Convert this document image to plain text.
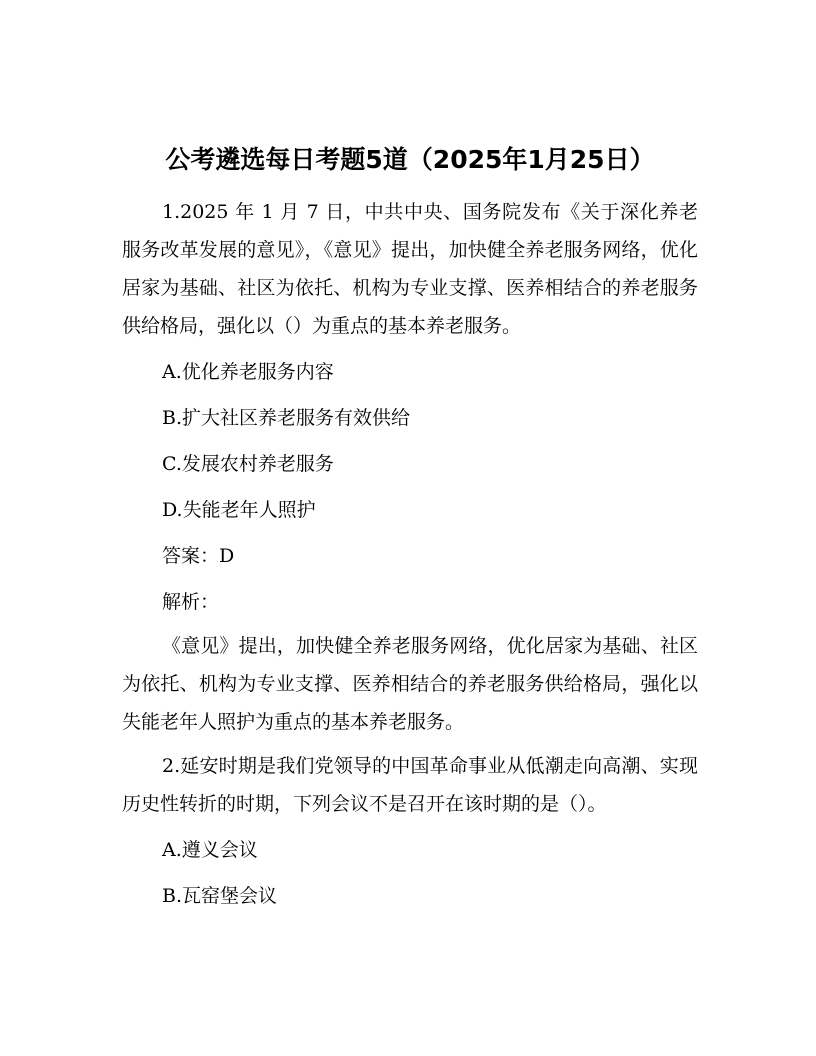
公考遴选每日考题5道（2025年1月25日）

1.2025 年 1 月 7 日，中共中央、国务院发布《关于深化养老服务改革发展的意见》，《意见》提出，加快健全养老服务网络，优化居家为基础、社区为依托、机构为专业支撑、医养相结合的养老服务供给格局，强化以（）为重点的基本养老服务。

A.优化养老服务内容

B.扩大社区养老服务有效供给

C.发展农村养老服务

D.失能老年人照护

答案：D

解析：

《意见》提出，加快健全养老服务网络，优化居家为基础、社区为依托、机构为专业支撑、医养相结合的养老服务供给格局，强化以失能老年人照护为重点的基本养老服务。

2.延安时期是我们党领导的中国革命事业从低潮走向高潮、实现历史性转折的时期，下列会议不是召开在该时期的是（）。

A.遵义会议

B.瓦窑堡会议
